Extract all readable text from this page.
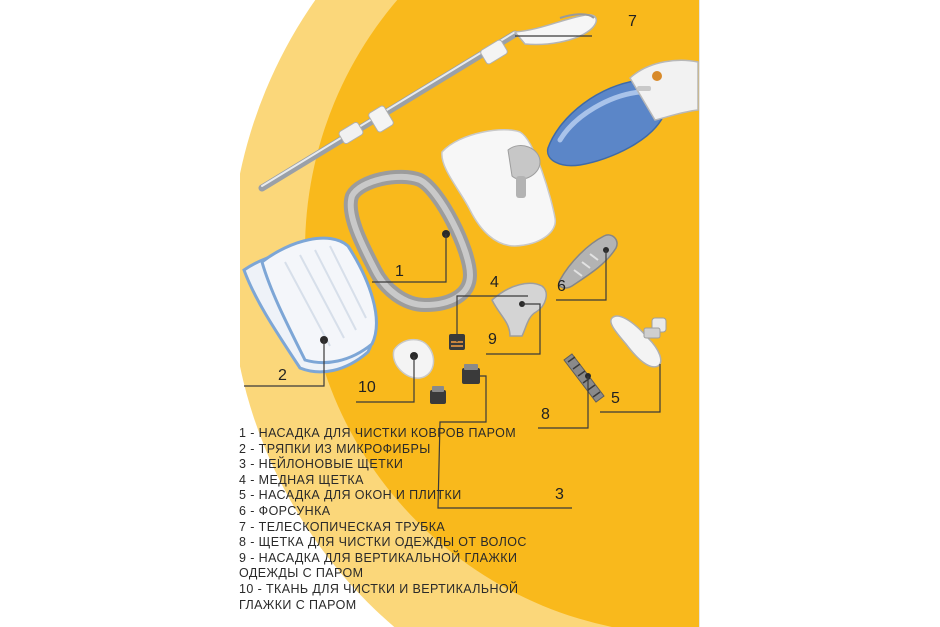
7
1
4	6
9
2
10
5
8
3
1 - НАСАДКА ДЛЯ ЧИСТКИ КОВРОВ ПАРОМ
2 - ТРЯПКИ ИЗ МИКРОФИБРЫ
3 - НЕЙЛОНОВЫЕ ЩЕТКИ
4 - МЕДНАЯ ЩЕТКА
5 - НАСАДКА ДЛЯ ОКОН И ПЛИТКИ
6 - ФОРСУНКА
7 - ТЕЛЕСКОПИЧЕСКАЯ ТРУБКА
8 - ЩЕТКА ДЛЯ ЧИСТКИ ОДЕЖДЫ ОТ ВОЛОС
9 - НАСАДКА ДЛЯ ВЕРТИКАЛЬНОЙ ГЛАЖКИ
ОДЕЖДЫ С ПАРОМ
10 - ТКАНЬ ДЛЯ ЧИСТКИ И ВЕРТИКАЛЬНОЙ
ГЛАЖКИ С ПАРОМ
